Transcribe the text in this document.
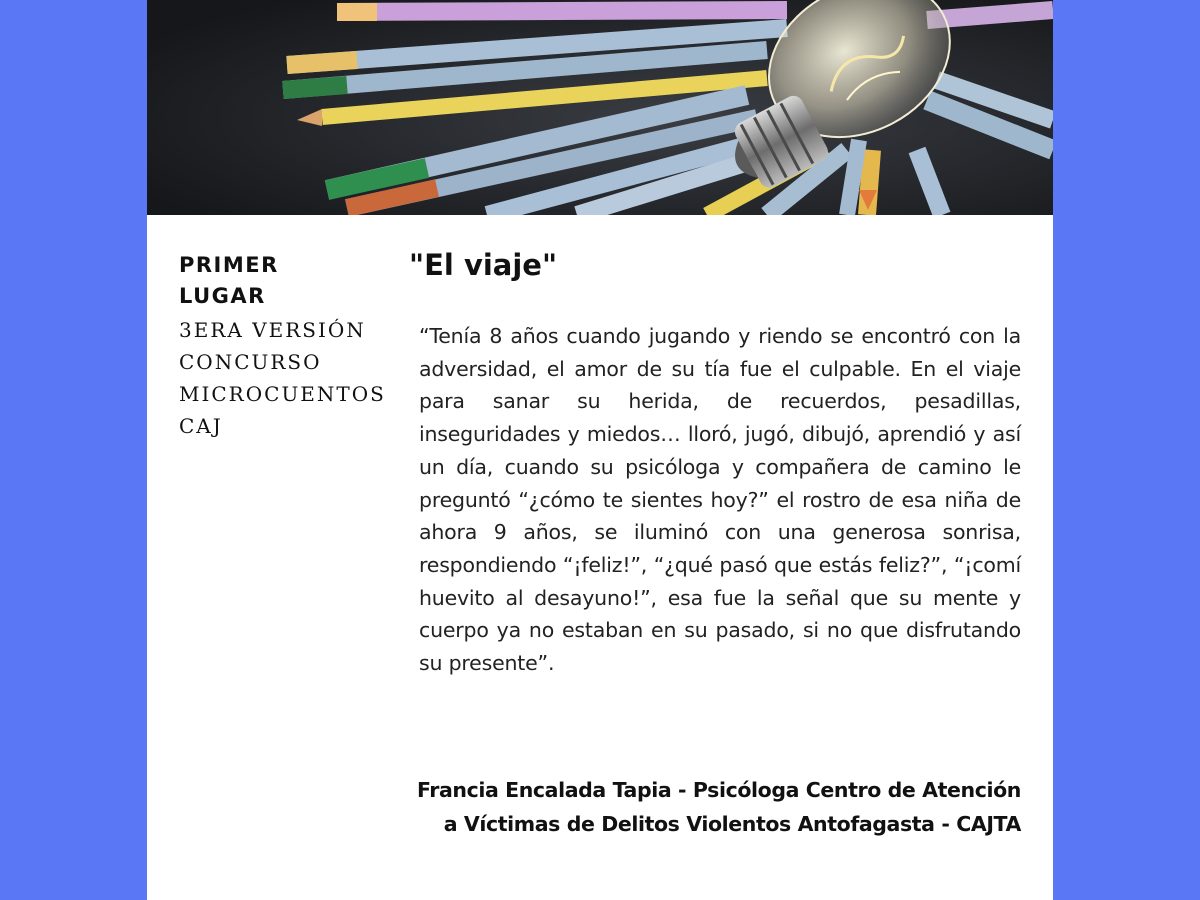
PRIMER
LUGAR
3ERA VERSIÓN
CONCURSO
MICROCUENTOS
CAJ
"El viaje"
“Tenía 8 años cuando jugando y riendo se encontró con la adversidad, el amor de su tía fue el culpable. En el viaje para sanar su herida, de recuerdos, pesadillas, inseguridades y miedos… lloró, jugó, dibujó, aprendió y así un día, cuando su psicóloga y compañera de camino le preguntó “¿cómo te sientes hoy?” el rostro de esa niña de ahora 9 años, se iluminó con una generosa sonrisa, respondiendo “¡feliz!”, “¿qué pasó que estás feliz?”, “¡comí huevito al desayuno!”, esa fue la señal que su mente y cuerpo ya no estaban en su pasado, si no que disfrutando su presente”.
Francia Encalada Tapia - Psicóloga Centro de Atención
a Víctimas de Delitos Violentos Antofagasta - CAJTA
